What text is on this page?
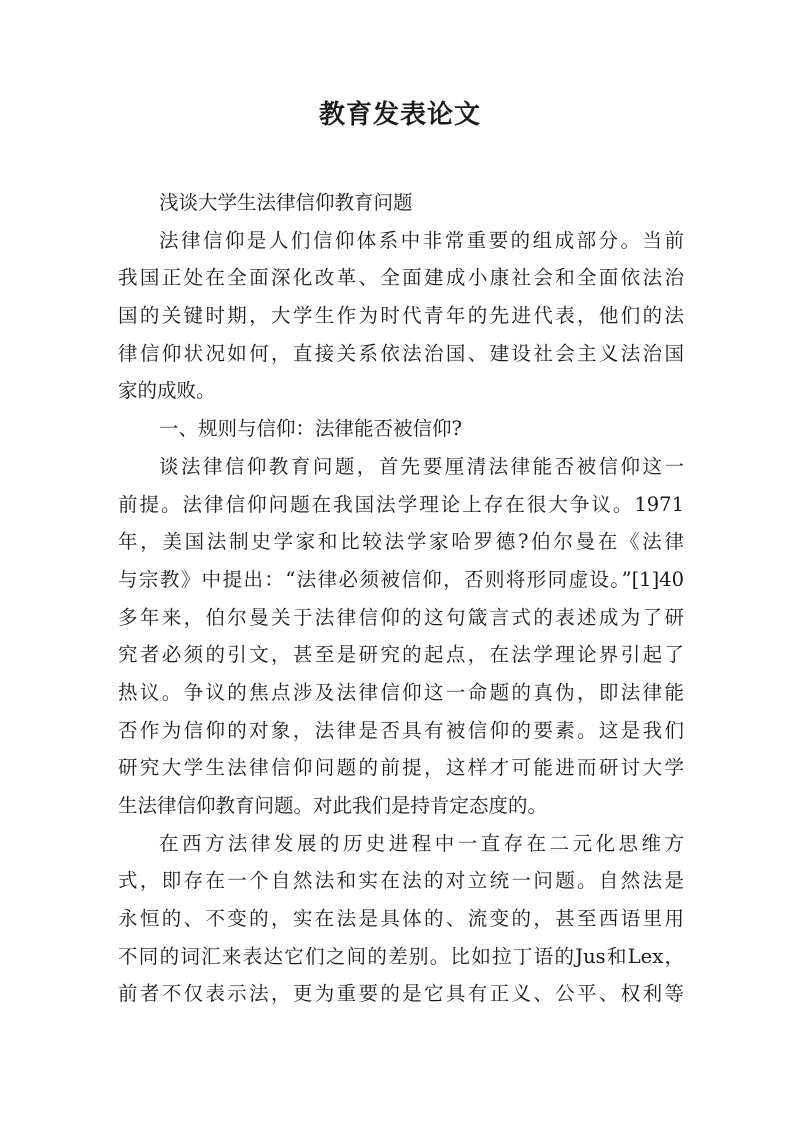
教育发表论文
浅谈大学生法律信仰教育问题
法律信仰是人们信仰体系中非常重要的组成部分。当前
我国正处在全面深化改革、全面建成小康社会和全面依法治
国的关键时期，大学生作为时代青年的先进代表，他们的法
律信仰状况如何，直接关系依法治国、建设社会主义法治国
家的成败。
一、规则与信仰：法律能否被信仰?
谈法律信仰教育问题，首先要厘清法律能否被信仰这一
前提。法律信仰问题在我国法学理论上存在很大争议。1971
年，美国法制史学家和比较法学家哈罗德?伯尔曼在《法律
与宗教》中提出：“法律必须被信仰，否则将形同虚设。”[1]40
多年来，伯尔曼关于法律信仰的这句箴言式的表述成为了研
究者必须的引文，甚至是研究的起点，在法学理论界引起了
热议。争议的焦点涉及法律信仰这一命题的真伪，即法律能
否作为信仰的对象，法律是否具有被信仰的要素。这是我们
研究大学生法律信仰问题的前提，这样才可能进而研讨大学
生法律信仰教育问题。对此我们是持肯定态度的。
在西方法律发展的历史进程中一直存在二元化思维方
式，即存在一个自然法和实在法的对立统一问题。自然法是
永恒的、不变的，实在法是具体的、流变的，甚至西语里用
不同的词汇来表达它们之间的差别。比如拉丁语的Jus和Lex，
前者不仅表示法，更为重要的是它具有正义、公平、权利等
